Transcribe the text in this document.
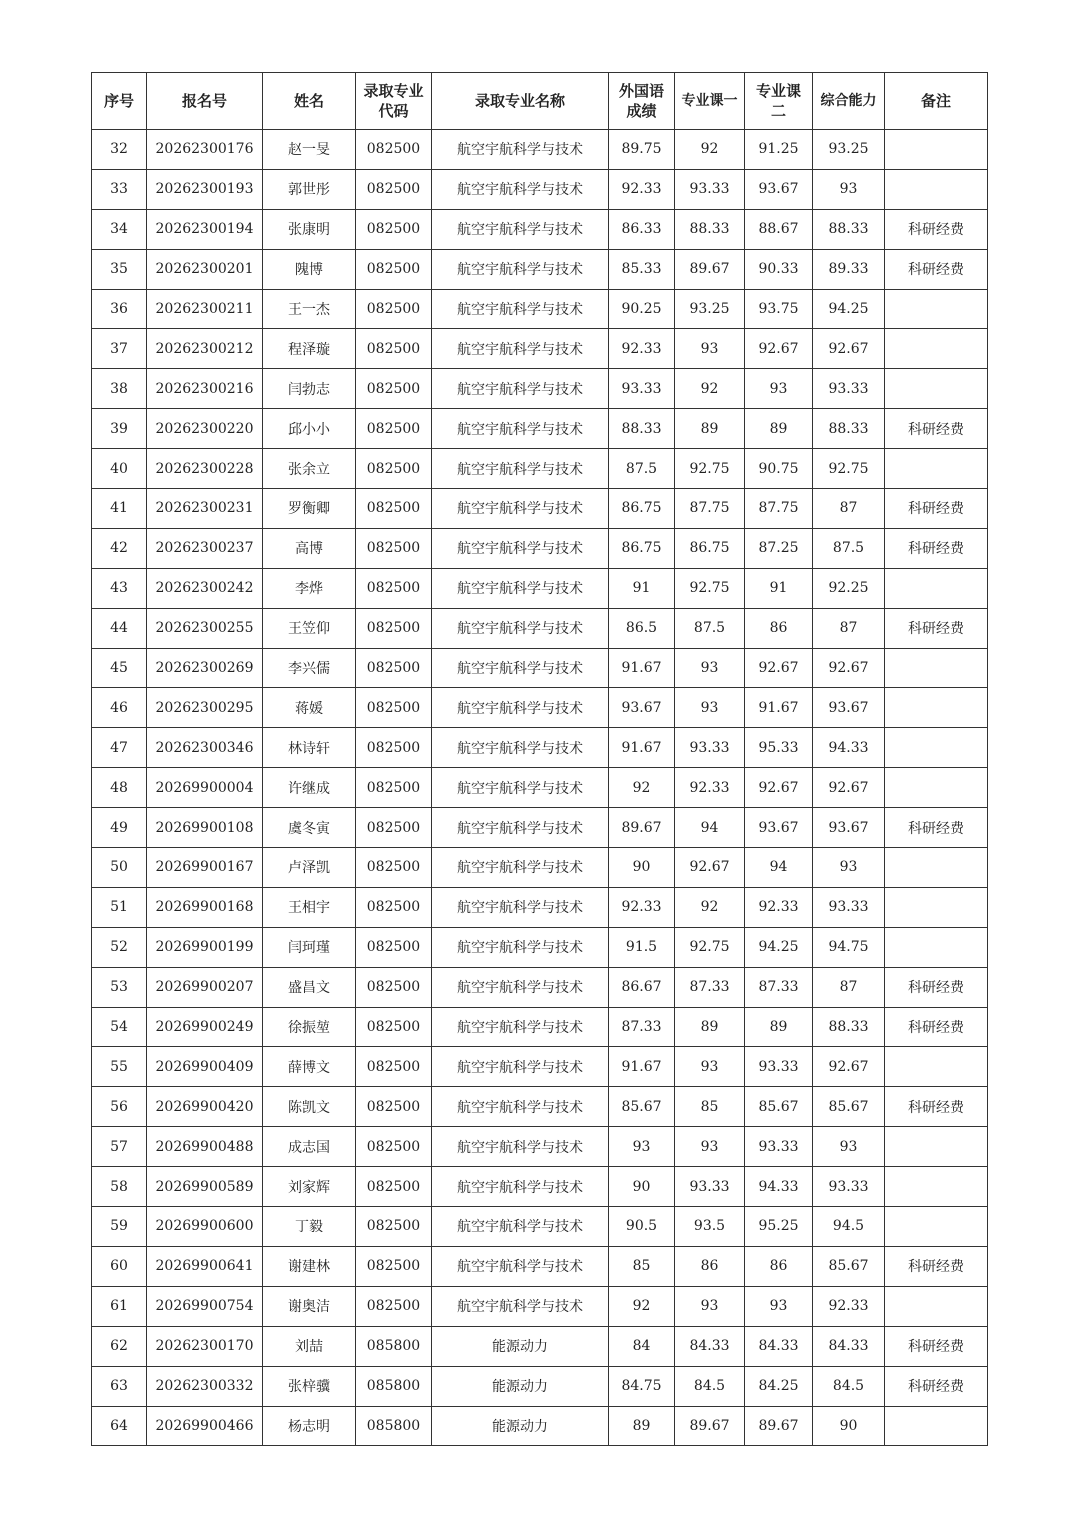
序号	报名号	姓名	录取专业代码	录取专业名称	外国语成绩	专业课一	专业课二	综合能力	备注
32	20262300176	赵一旻	082500	航空宇航科学与技术	89.75	92	91.25	93.25	
33	20262300193	郭世彤	082500	航空宇航科学与技术	92.33	93.33	93.67	93	
34	20262300194	张康明	082500	航空宇航科学与技术	86.33	88.33	88.67	88.33	科研经费
35	20262300201	隗博	082500	航空宇航科学与技术	85.33	89.67	90.33	89.33	科研经费
36	20262300211	王一杰	082500	航空宇航科学与技术	90.25	93.25	93.75	94.25	
37	20262300212	程泽璇	082500	航空宇航科学与技术	92.33	93	92.67	92.67	
38	20262300216	闫勃志	082500	航空宇航科学与技术	93.33	92	93	93.33	
39	20262300220	邱小小	082500	航空宇航科学与技术	88.33	89	89	88.33	科研经费
40	20262300228	张余立	082500	航空宇航科学与技术	87.5	92.75	90.75	92.75	
41	20262300231	罗衡卿	082500	航空宇航科学与技术	86.75	87.75	87.75	87	科研经费
42	20262300237	高博	082500	航空宇航科学与技术	86.75	86.75	87.25	87.5	科研经费
43	20262300242	李烨	082500	航空宇航科学与技术	91	92.75	91	92.25	
44	20262300255	王笠仰	082500	航空宇航科学与技术	86.5	87.5	86	87	科研经费
45	20262300269	李兴儒	082500	航空宇航科学与技术	91.67	93	92.67	92.67	
46	20262300295	蒋媛	082500	航空宇航科学与技术	93.67	93	91.67	93.67	
47	20262300346	林诗轩	082500	航空宇航科学与技术	91.67	93.33	95.33	94.33	
48	20269900004	许继成	082500	航空宇航科学与技术	92	92.33	92.67	92.67	
49	20269900108	虞冬寅	082500	航空宇航科学与技术	89.67	94	93.67	93.67	科研经费
50	20269900167	卢泽凯	082500	航空宇航科学与技术	90	92.67	94	93	
51	20269900168	王相宇	082500	航空宇航科学与技术	92.33	92	92.33	93.33	
52	20269900199	闫珂瑾	082500	航空宇航科学与技术	91.5	92.75	94.25	94.75	
53	20269900207	盛昌文	082500	航空宇航科学与技术	86.67	87.33	87.33	87	科研经费
54	20269900249	徐振堃	082500	航空宇航科学与技术	87.33	89	89	88.33	科研经费
55	20269900409	薛博文	082500	航空宇航科学与技术	91.67	93	93.33	92.67	
56	20269900420	陈凯文	082500	航空宇航科学与技术	85.67	85	85.67	85.67	科研经费
57	20269900488	成志国	082500	航空宇航科学与技术	93	93	93.33	93	
58	20269900589	刘家辉	082500	航空宇航科学与技术	90	93.33	94.33	93.33	
59	20269900600	丁毅	082500	航空宇航科学与技术	90.5	93.5	95.25	94.5	
60	20269900641	谢建林	082500	航空宇航科学与技术	85	86	86	85.67	科研经费
61	20269900754	谢奥洁	082500	航空宇航科学与技术	92	93	93	92.33	
62	20262300170	刘喆	085800	能源动力	84	84.33	84.33	84.33	科研经费
63	20262300332	张梓骥	085800	能源动力	84.75	84.5	84.25	84.5	科研经费
64	20269900466	杨志明	085800	能源动力	89	89.67	89.67	90	
